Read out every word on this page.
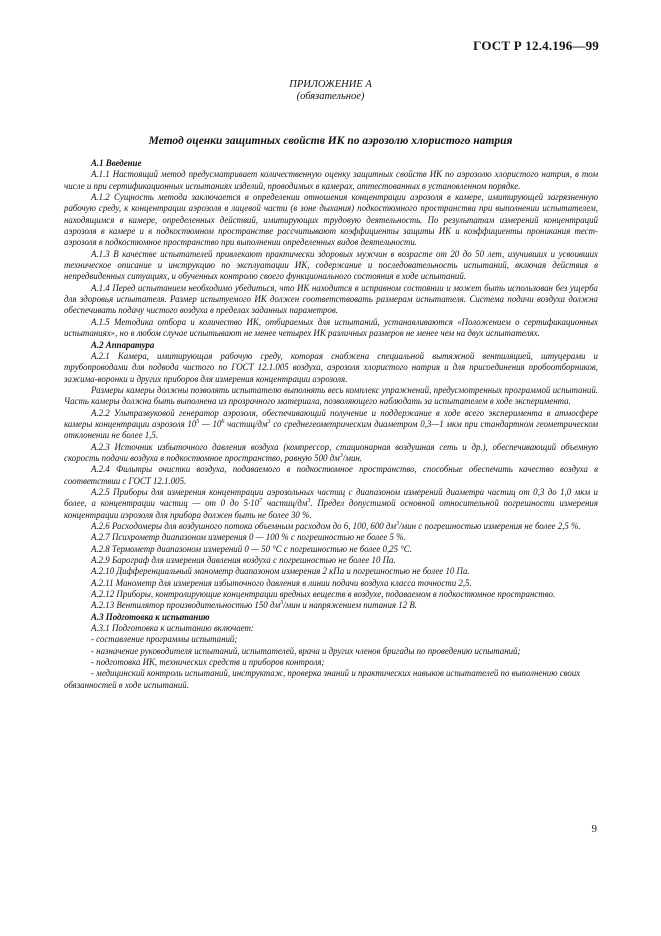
ГОСТ Р 12.4.196—99
ПРИЛОЖЕНИЕ А
(обязательное)
Метод оценки защитных свойств ИК по аэрозолю хлористого натрия

А.1 Введение

А.1.1 Настоящий метод предусматривает количественную оценку защитных свойств ИК по аэрозолю хлористого натрия, в том числе и при сертификационных испытаниях изделий, проводимых в камерах, аттестованных в установленном порядке.

А.1.2 Сущность метода заключается в определении отношения концентрации аэрозоля в камере, имитирующей загрязненную рабочую среду, к концентрации аэрозоля в лицевой части (в зоне дыхания) подкостюмного пространства при выполнении испытателем, находящимся в камере, определенных действий, имитирующих трудовую деятельность. По результатам измерений концентраций аэрозоля в камере и в подкостюмном пространстве рассчитывают коэффициенты защиты ИК и коэффициенты проникания тест-аэрозоля в подкостюмное пространство при выполнении определенных видов деятельности.

А.1.3 В качестве испытателей привлекают практически здоровых мужчин в возрасте от 20 до 50 лет, изучивших и усвоивших техническое описание и инструкцию по эксплуатации ИК, содержание и последовательность испытаний, включая действия в непредвиденных ситуациях, и обученных контролю своего функционального состояния в ходе испытаний.

А.1.4 Перед испытанием необходимо убедиться, что ИК находится в исправном состоянии и может быть использован без ущерба для здоровья испытателя. Размер испытуемого ИК должен соответствовать размерам испытателя. Система подачи воздуха должна обеспечивать подачу чистого воздуха в пределах заданных параметров.

А.1.5 Методика отбора и количество ИК, отбираемых для испытаний, устанавливаются «Положением о сертификационных испытаниях», но в любом случае испытывают не менее четырех ИК различных размеров не менее чем на двух испытателях.

А.2 Аппаратура

А.2.1 Камера, имитирующая рабочую среду, которая снабжена специальной вытяжной вентиляцией, штуцерами и трубопроводами для подвода чистого по ГОСТ 12.1.005 воздуха, аэрозоля хлористого натрия и для присоединения пробоотборников, зажима-воронки и других приборов для измерения концентрации аэрозоля.

Размеры камеры должны позволять испытателю выполнять весь комплекс упражнений, предусмотренных программой испытаний. Часть камеры должна быть выполнена из прозрачного материала, позволяющего наблюдать за испытателем в ходе эксперимента.

А.2.2 Ультразвуковой генератор аэрозоля, обеспечивающий получение и поддержание в ходе всего эксперимента в атмосфере камеры концентрации аэрозоля $10^5$ — $10^6$ частиц/$дм^3$ со среднегеометрическим диаметром 0,3—1 мкм при стандартном геометрическом отклонении не более 1,5.

А.2.3 Источник избыточного давления воздуха (компрессор, стационарная воздушная сеть и др.), обеспечивающий объемную скорость подачи воздуха в подкостюмное пространство, равную 500 $дм^3$/мин.

А.2.4 Фильтры очистки воздуха, подаваемого в подкостюмное пространство, способные обеспечить качество воздуха в соответствии с ГОСТ 12.1.005.

А.2.5 Приборы для измерения концентрации аэрозольных частиц с диапазоном измерений диаметра частиц от 0,3 до 1,0 мкм и более, а концентрации частиц — от 0 до $5\cdot 10^7$ частиц/$дм^3$. Предел допустимой основной относительной погрешности измерения концентрации аэрозоля для прибора должен быть не более 30 %.

А.2.6 Расходомеры для воздушного потока объемным расходом до 6, 100, 600 $дм^3$/мин с погрешностью измерения не более 2,5 %.

А.2.7 Психрометр диапазоном измерения 0 — 100 % с погрешностью не более 5 %.

А.2.8 Термометр диапазоном измерений 0 — 50 °С с погрешностью не более 0,25 °С.

А.2.9 Барограф для измерения давления воздуха с погрешностью не более 10 Па.

А.2.10 Дифференциальный манометр диапазоном измерения 2 кПа и погрешностью не более 10 Па.

А.2.11 Манометр для измерения избыточного давления в линии подачи воздуха класса точности 2,5.

А.2.12 Приборы, контролирующие концентрации вредных веществ в воздухе, подаваемом в подкостюмное пространство.

А.2.13 Вентилятор производительностью 150 $дм^3$/мин и напряжением питания 12 В.

А.3 Подготовка к испытанию

А.3.1 Подготовка к испытанию включает:

- составление программы испытаний;

- назначение руководителя испытаний, испытателей, врача и других членов бригады по проведению испытаний;

- подготовка ИК, технических средств и приборов контроля;

- медицинский контроль испытаний, инструктаж, проверка знаний и практических навыков испытателей по выполнению своих обязанностей в ходе испытаний.

9
